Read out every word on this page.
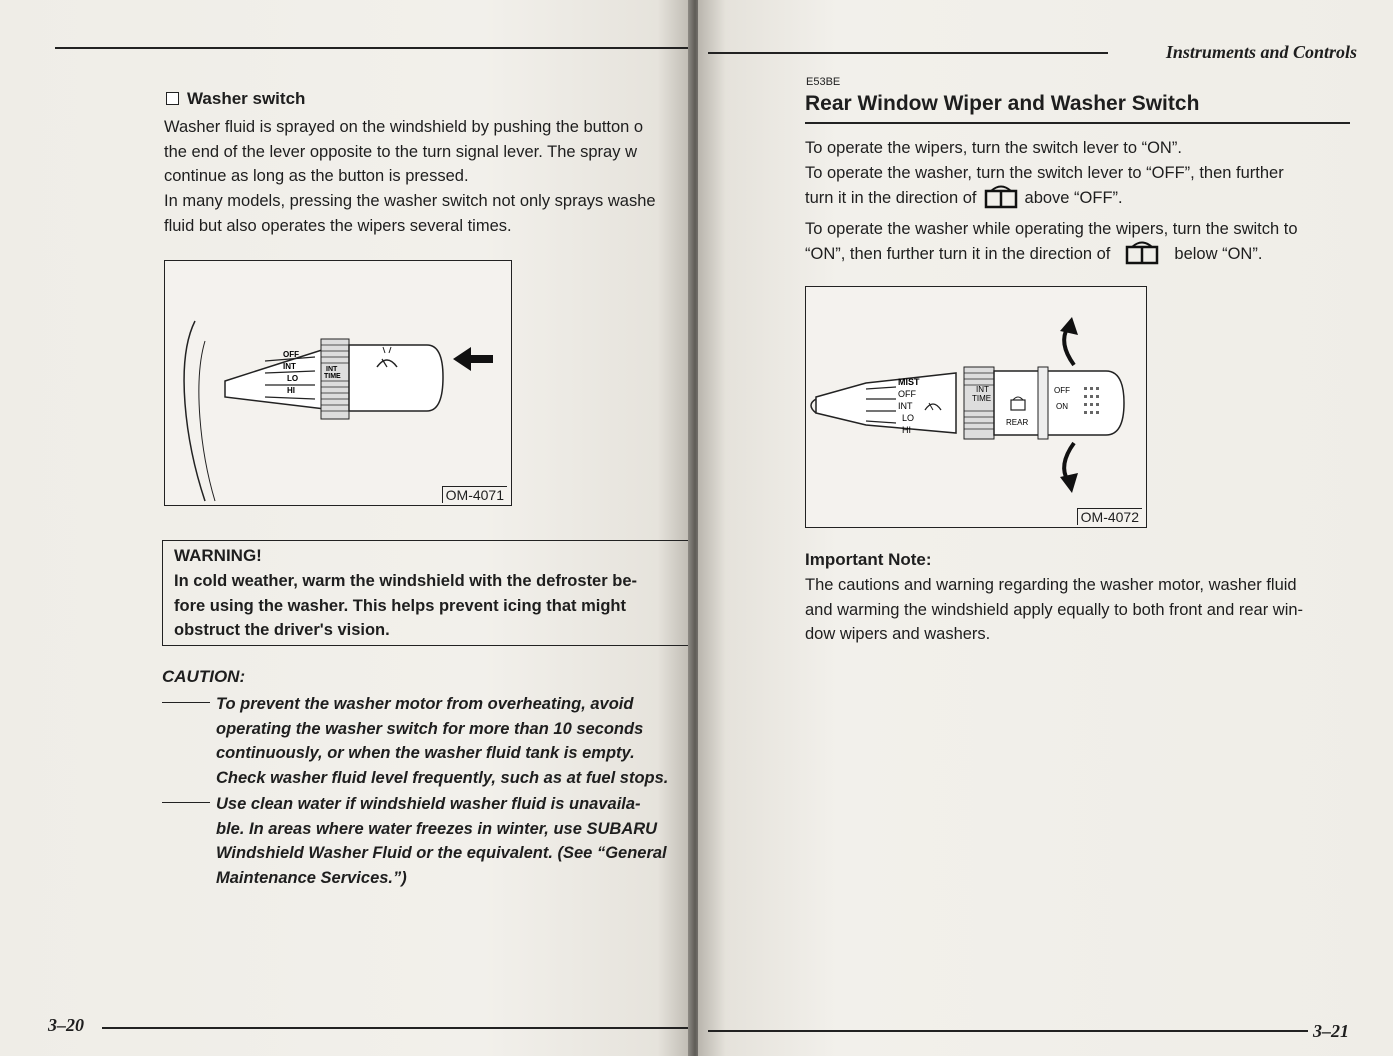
Washer switch
Washer fluid is sprayed on the windshield by pushing the button o
the end of the lever opposite to the turn signal lever. The spray w
continue as long as the button is pressed.
In many models, pressing the washer switch not only sprays washe
fluid but also operates the wipers several times.
OFF
INT
LO
HI
INT
TIME
OM-4071
WARNING!
In cold weather, warm the windshield with the defroster be-
fore using the washer. This helps prevent icing that might
obstruct the driver's vision.
CAUTION:
To prevent the washer motor from overheating, avoid
operating the washer switch for more than 10 seconds
continuously, or when the washer fluid tank is empty.
Check washer fluid level frequently, such as at fuel stops.
Use clean water if windshield washer fluid is unavaila-
ble. In areas where water freezes in winter, use SUBARU
Windshield Washer Fluid or the equivalent. (See “General
Maintenance Services.”)
3–20
Instruments and Controls
E53BE
Rear Window Wiper and Washer Switch
To operate the wipers, turn the switch lever to “ON”.
To operate the washer, turn the switch lever to “OFF”, then further
turn it in the direction of	above “OFF”.
To operate the washer while operating the wipers, turn the switch to
“ON”, then further turn it in the direction of	below “ON”.
MIST
OFF
INT
LO
HI
INT
TIME
REAR
OFF
ON
OM-4072
Important Note:
The cautions and warning regarding the washer motor, washer fluid
and warming the windshield apply equally to both front and rear win-
dow wipers and washers.
3–21
